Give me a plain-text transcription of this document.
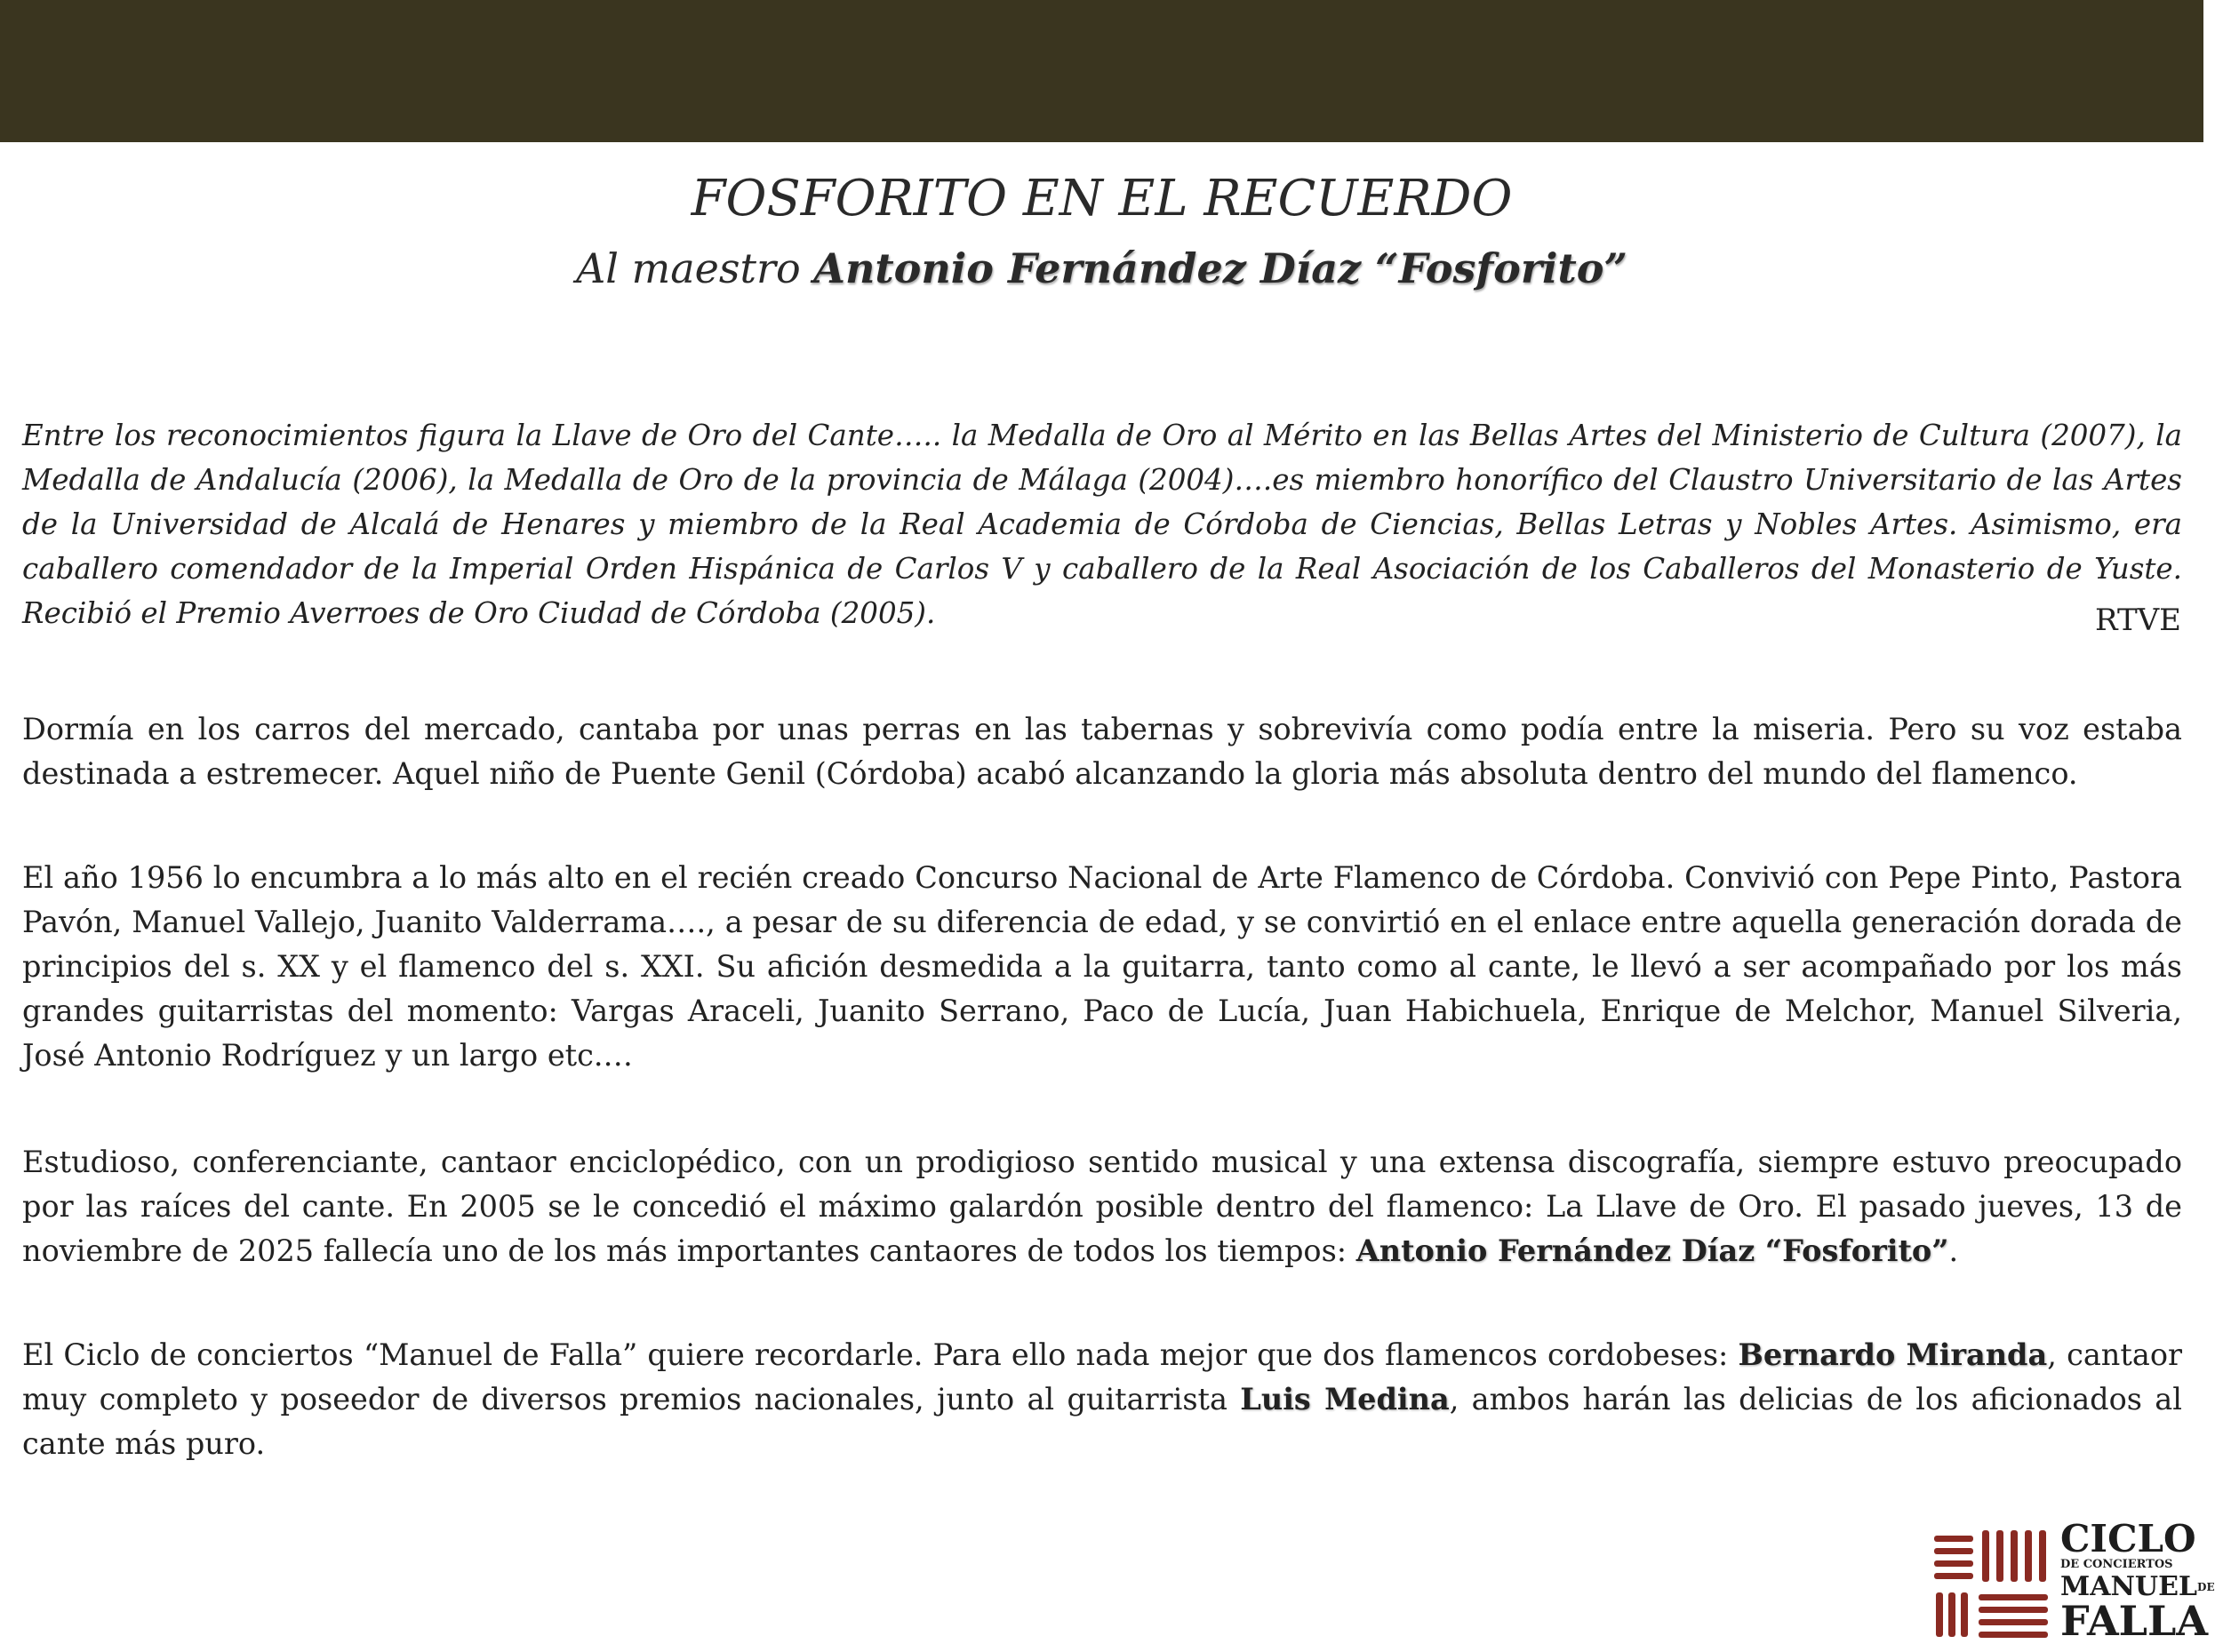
FOSFORITO EN EL RECUERDO
Al maestro Antonio Fernández Díaz “Fosforito”

Entre los reconocimientos figura la Llave de Oro del Cante….. la Medalla de Oro al Mérito en las Bellas Artes del Ministerio de Cultura (2007), la Medalla de Andalucía (2006), la Medalla de Oro de la provincia de Málaga (2004)….es miembro honorífico del Claustro Universitario de las Artes de la Universidad de Alcalá de Henares y miembro de la Real Academia de Córdoba de Ciencias, Bellas Letras y Nobles Artes. Asimismo, era caballero comendador de la Imperial Orden Hispánica de Carlos V y caballero de la Real Asociación de los Caballeros del Monasterio de Yuste. Recibió el Premio Averroes de Oro Ciudad de Córdoba (2005).	RTVE

Dormía en los carros del mercado, cantaba por unas perras en las tabernas y sobrevivía como podía entre la miseria. Pero su voz estaba destinada a estremecer. Aquel niño de Puente Genil (Córdoba) acabó alcanzando la gloria más absoluta dentro del mundo del flamenco.

El año 1956 lo encumbra a lo más alto en el recién creado Concurso Nacional de Arte Flamenco de Córdoba. Convivió con Pepe Pinto, Pastora Pavón, Manuel Vallejo, Juanito Valderrama…., a pesar de su diferencia de edad, y se convirtió en el enlace entre aquella generación dorada de principios del s. XX y el flamenco del s. XXI. Su afición desmedida a la guitarra, tanto como al cante, le llevó a ser acompañado por los más grandes guitarristas del momento: Vargas Araceli, Juanito Serrano, Paco de Lucía, Juan Habichuela, Enrique de Melchor, Manuel Silveria, José Antonio Rodríguez y un largo etc.…

Estudioso, conferenciante, cantaor enciclopédico, con un prodigioso sentido musical y una extensa discografía, siempre estuvo preocupado por las raíces del cante. En 2005 se le concedió el máximo galardón posible dentro del flamenco: La Llave de Oro. El pasado jueves, 13 de noviembre de 2025 fallecía uno de los más importantes cantaores de todos los tiempos: Antonio Fernández Díaz “Fosforito”.

El Ciclo de conciertos “Manuel de Falla” quiere recordarle. Para ello nada mejor que dos flamencos cordobeses: Bernardo Miranda, cantaor muy completo y poseedor de diversos premios nacionales, junto al guitarrista Luis Medina, ambos harán las delicias de los aficionados al cante más puro.

CICLO
DE CONCIERTOS
$MANUEL^{DE}$
FALLA
